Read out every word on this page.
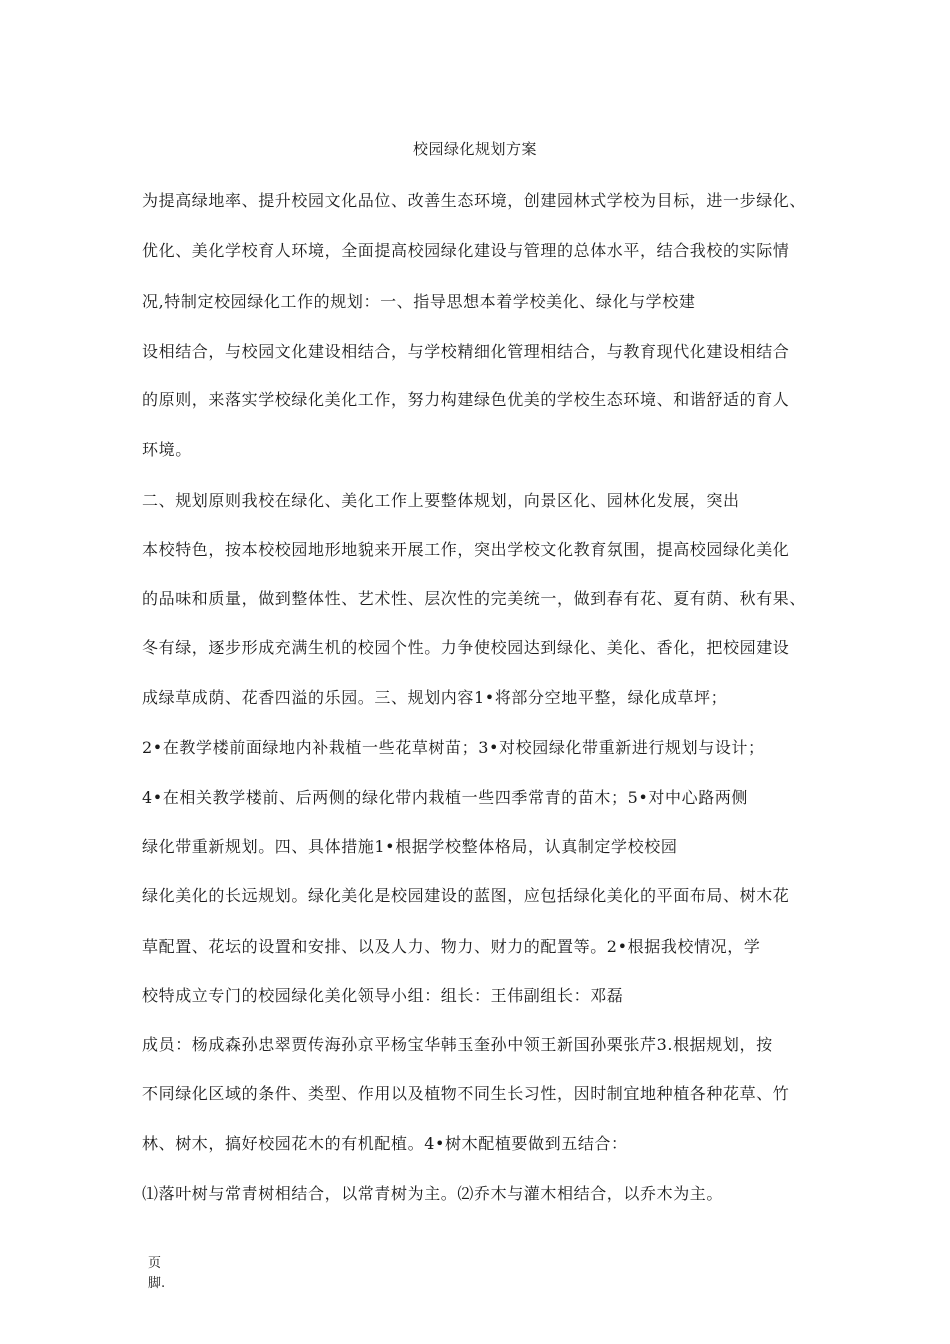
校园绿化规划方案
为提高绿地率、提升校园文化品位、改善生态环境，创建园林式学校为目标，进一步绿化、
优化、美化学校育人环境，全面提高校园绿化建设与管理的总体水平，结合我校的实际情
况,特制定校园绿化工作的规划：一、指导思想本着学校美化、绿化与学校建
设相结合，与校园文化建设相结合，与学校精细化管理相结合，与教育现代化建设相结合
的原则，来落实学校绿化美化工作，努力构建绿色优美的学校生态环境、和谐舒适的育人
环境。
二、规划原则我校在绿化、美化工作上要整体规划，向景区化、园林化发展，突出
本校特色，按本校校园地形地貌来开展工作，突出学校文化教育氛围，提高校园绿化美化
的品味和质量，做到整体性、艺术性、层次性的完美统一，做到春有花、夏有荫、秋有果、
冬有绿，逐步形成充满生机的校园个性。力争使校园达到绿化、美化、香化，把校园建设
成绿草成荫、花香四溢的乐园。三、规划内容1•将部分空地平整，绿化成草坪；
2•在教学楼前面绿地内补栽植一些花草树苗；3•对校园绿化带重新进行规划与设计；
4•在相关教学楼前、后两侧的绿化带内栽植一些四季常青的苗木；5•对中心路两侧
绿化带重新规划。四、具体措施1•根据学校整体格局，认真制定学校校园
绿化美化的长远规划。绿化美化是校园建设的蓝图，应包括绿化美化的平面布局、树木花
草配置、花坛的设置和安排、以及人力、物力、财力的配置等。2•根据我校情况，学
校特成立专门的校园绿化美化领导小组：组长：王伟副组长：邓磊
成员：杨成森孙忠翠贾传海孙京平杨宝华韩玉奎孙中领王新国孙栗张芹3.根据规划，按
不同绿化区域的条件、类型、作用以及植物不同生长习性，因时制宜地种植各种花草、竹
林、树木，搞好校园花木的有机配植。4•树木配植要做到五结合：
⑴落叶树与常青树相结合，以常青树为主。⑵乔木与灌木相结合，以乔木为主。
页
脚.
